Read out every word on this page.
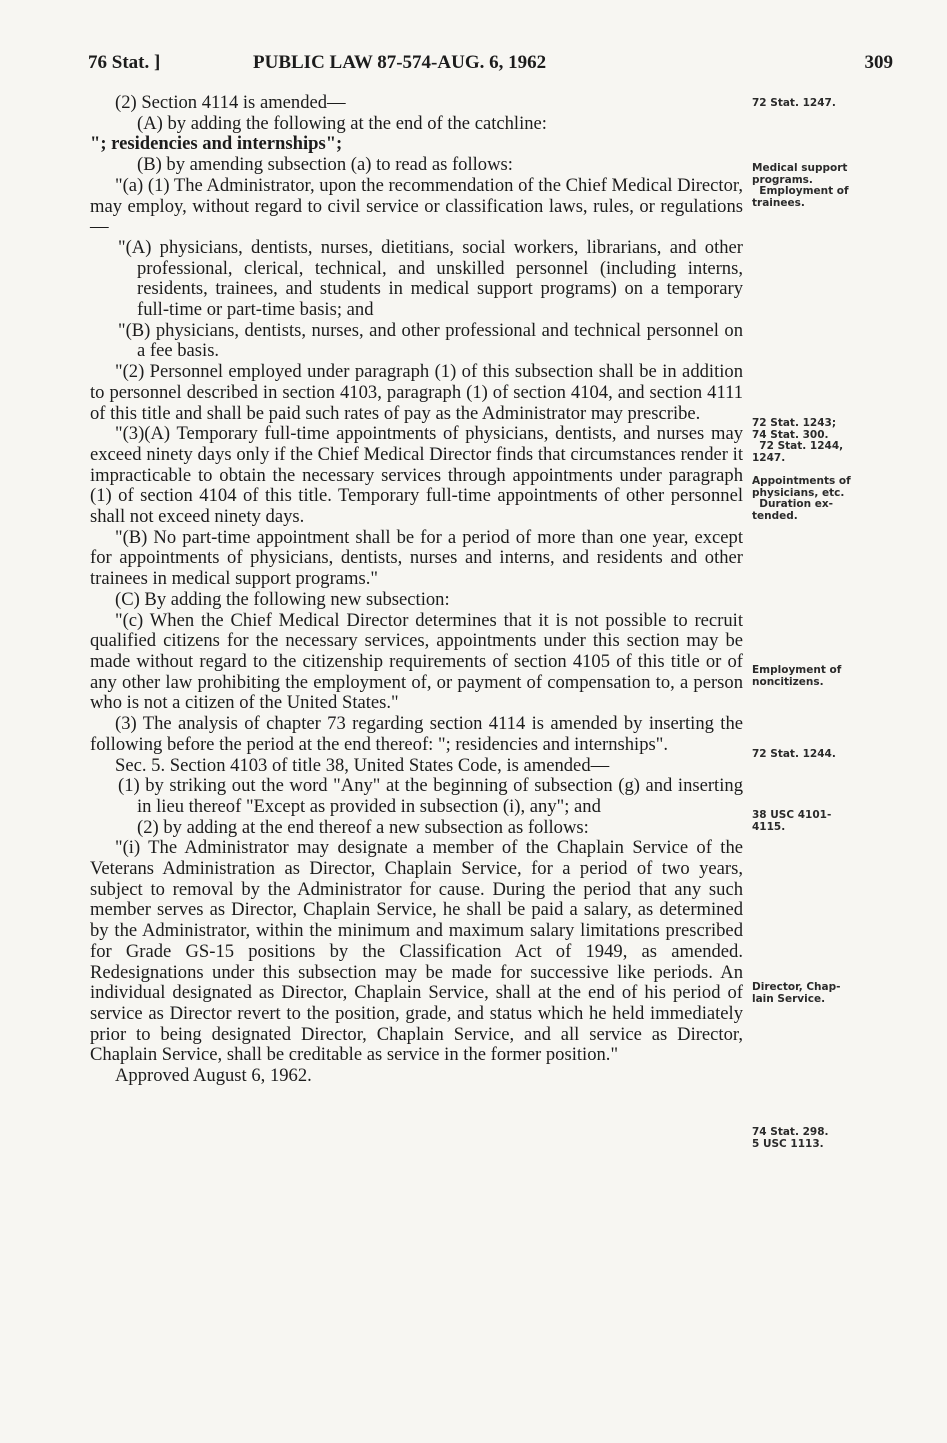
76 Stat. ]	PUBLIC LAW 87-574-AUG. 6, 1962	309

(2) Section 4114 is amended—

(A) by adding the following at the end of the catchline:

"; residencies and internships";

(B) by amending subsection (a) to read as follows:

"(a) (1) The Administrator, upon the recommendation of the Chief Medical Director, may employ, without regard to civil service or classification laws, rules, or regulations—

"(A) physicians, dentists, nurses, dietitians, social workers, librarians, and other professional, clerical, technical, and unskilled personnel (including interns, residents, trainees, and students in medical support programs) on a temporary full-time or part-time basis; and

"(B) physicians, dentists, nurses, and other professional and technical personnel on a fee basis.

"(2) Personnel employed under paragraph (1) of this subsection shall be in addition to personnel described in section 4103, paragraph (1) of section 4104, and section 4111 of this title and shall be paid such rates of pay as the Administrator may prescribe.

"(3)(A) Temporary full-time appointments of physicians, dentists, and nurses may exceed ninety days only if the Chief Medical Director finds that circumstances render it impracticable to obtain the necessary services through appointments under paragraph (1) of section 4104 of this title. Temporary full-time appointments of other personnel shall not exceed ninety days.

"(B) No part-time appointment shall be for a period of more than one year, except for appointments of physicians, dentists, nurses and interns, and residents and other trainees in medical support programs."

(C) By adding the following new subsection:

"(c) When the Chief Medical Director determines that it is not possible to recruit qualified citizens for the necessary services, appointments under this section may be made without regard to the citizenship requirements of section 4105 of this title or of any other law prohibiting the employment of, or payment of compensation to, a person who is not a citizen of the United States."

(3) The analysis of chapter 73 regarding section 4114 is amended by inserting the following before the period at the end thereof: "; residencies and internships".

Sec. 5. Section 4103 of title 38, United States Code, is amended—

(1) by striking out the word "Any" at the beginning of subsection (g) and inserting in lieu thereof "Except as provided in subsection (i), any"; and

(2) by adding at the end thereof a new subsection as follows:

"(i) The Administrator may designate a member of the Chaplain Service of the Veterans Administration as Director, Chaplain Service, for a period of two years, subject to removal by the Administrator for cause. During the period that any such member serves as Director, Chaplain Service, he shall be paid a salary, as determined by the Administrator, within the minimum and maximum salary limitations prescribed for Grade GS-15 positions by the Classification Act of 1949, as amended. Redesignations under this subsection may be made for successive like periods. An individual designated as Director, Chaplain Service, shall at the end of his period of service as Director revert to the position, grade, and status which he held immediately prior to being designated Director, Chaplain Service, and all service as Director, Chaplain Service, shall be creditable as service in the former position."

Approved August 6, 1962.

72 Stat. 1247.
Medical support
programs.
Employment of
trainees.
72 Stat. 1243;
74 Stat. 300.
72 Stat. 1244,
1247.
Appointments of
physicians, etc.
Duration ex-
tended.
Employment of
noncitizens.
72 Stat. 1244.
38 USC 4101-
4115.
Director, Chap-
lain Service.
74 Stat. 298.
5 USC 1113.
